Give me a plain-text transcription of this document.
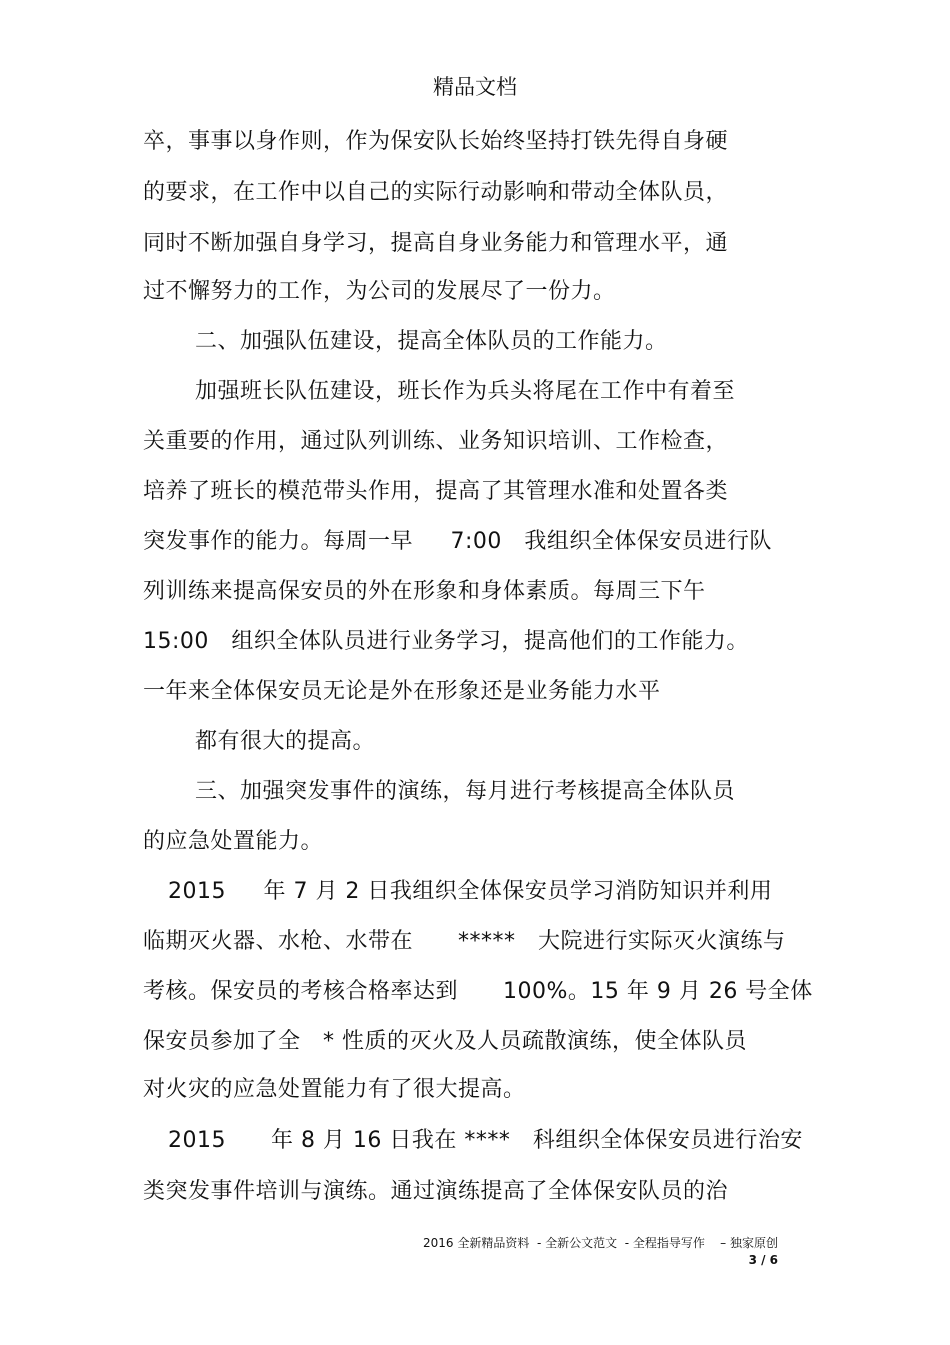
精品文档
卒，事事以身作则，作为保安队长始终坚持打铁先得自身硬
的要求，在工作中以自己的实际行动影响和带动全体队员，
同时不断加强自身学习，提高自身业务能力和管理水平，通
过不懈努力的工作，为公司的发展尽了一份力。
二、加强队伍建设，提高全体队员的工作能力。
加强班长队伍建设，班长作为兵头将尾在工作中有着至
关重要的作用，通过队列训练、业务知识培训、工作检查，
培养了班长的模范带头作用，提高了其管理水准和处置各类
突发事作的能力。每周一早     7:00   我组织全体保安员进行队
列训练来提高保安员的外在形象和身体素质。每周三下午
15:00   组织全体队员进行业务学习，提高他们的工作能力。
一年来全体保安员无论是外在形象还是业务能力水平
都有很大的提高。
三、加强突发事件的演练，每月进行考核提高全体队员
的应急处置能力。
2015     年 7 月 2 日我组织全体保安员学习消防知识并利用
临期灭火器、水枪、水带在      *****   大院进行实际灭火演练与
考核。保安员的考核合格率达到      100%。15 年 9 月 26 号全体
保安员参加了全   * 性质的灭火及人员疏散演练，使全体队员
对火灾的应急处置能力有了很大提高。
2015      年 8 月 16 日我在 ****   科组织全体保安员进行治安
类突发事件培训与演练。通过演练提高了全体保安队员的治
2016 全新精品资料  - 全新公文范文  - 全程指导写作    – 独家原创
3 / 6
